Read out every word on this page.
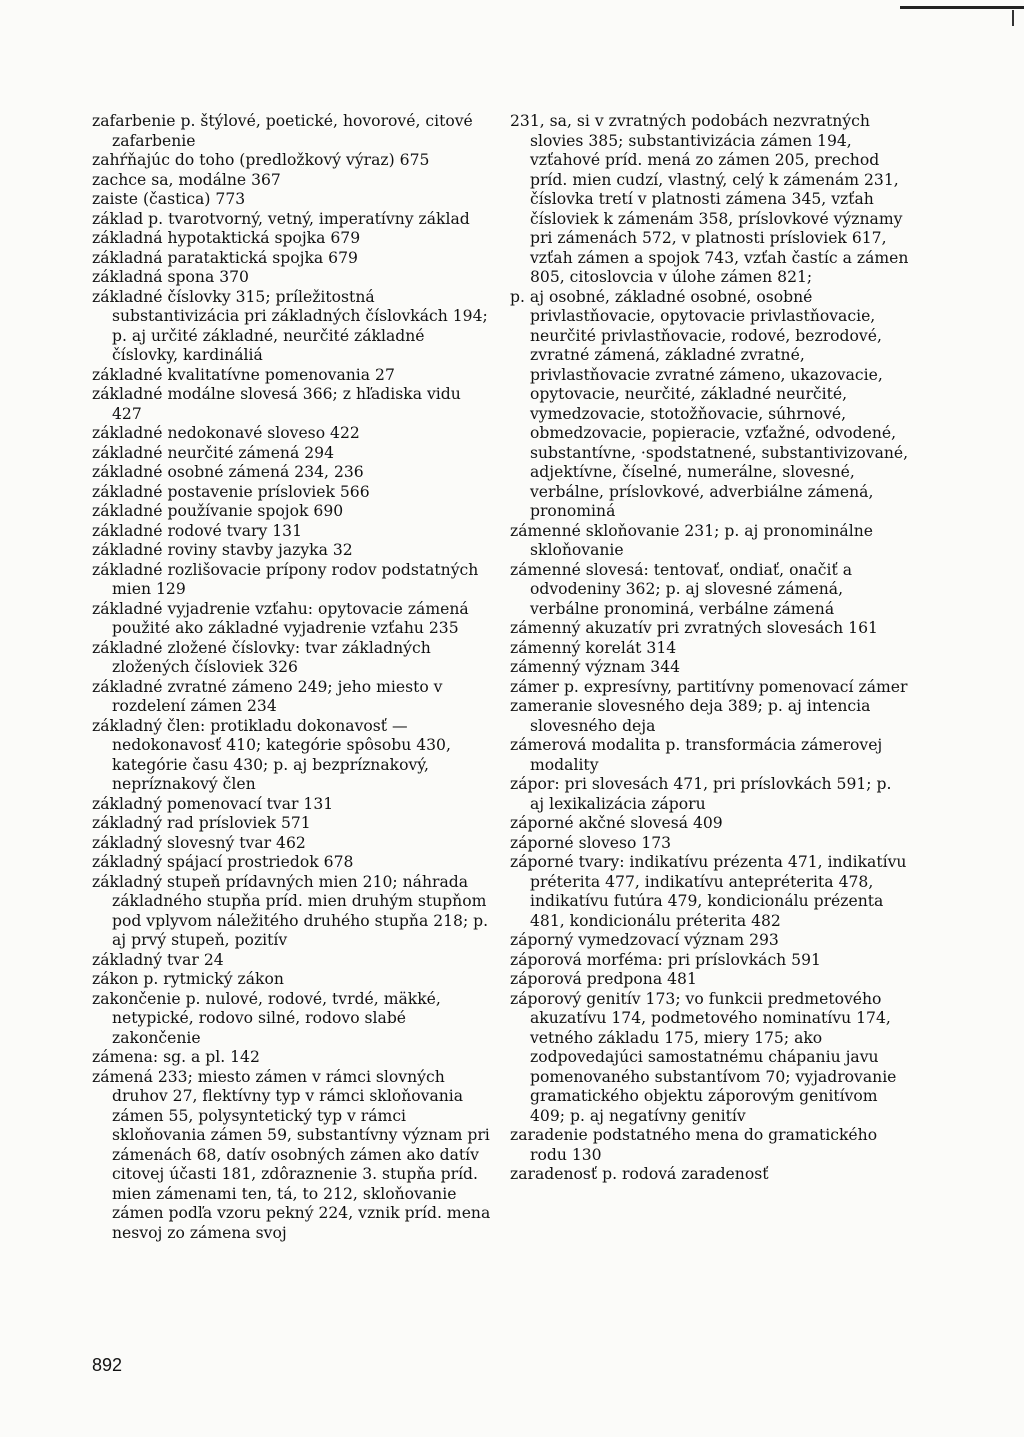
zafarbenie p. štýlové, poetické, hovorové, citové zafarbenie

zahŕňajúc do toho (predložkový výraz) 675

zachce sa, modálne 367

zaiste (častica) 773

základ p. tvarotvorný, vetný, imperatívny základ

základná hypotaktická spojka 679

základná parataktická spojka 679

základná spona 370

základné číslovky 315; príležitostná substantivizácia pri základných číslovkách 194; p. aj určité základné, neurčité základné číslovky, kardináliá

základné kvalitatívne pomenovania 27

základné modálne slovesá 366; z hľadiska vidu 427

základné nedokonavé sloveso 422

základné neurčité zámená 294

základné osobné zámená 234, 236

základné postavenie prísloviek 566

základné používanie spojok 690

základné rodové tvary 131

základné roviny stavby jazyka 32

základné rozlišovacie prípony rodov podstatných mien 129

základné vyjadrenie vzťahu: opytovacie zámená použité ako základné vyjadrenie vzťahu 235

základné zložené číslovky: tvar základných zložených čísloviek 326

základné zvratné zámeno 249; jeho miesto v rozdelení zámen 234

základný člen: protikladu dokonavosť — nedokonavosť 410; kategórie spôsobu 430, kategórie času 430; p. aj bezpríznakový, nepríznakový člen

základný pomenovací tvar 131

základný rad prísloviek 571

základný slovesný tvar 462

základný spájací prostriedok 678

základný stupeň prídavných mien 210; náhrada základného stupňa príd. mien druhým stupňom pod vplyvom náležitého druhého stupňa 218; p. aj prvý stupeň, pozitív

základný tvar 24

zákon p. rytmický zákon

zakončenie p. nulové, rodové, tvrdé, mäkké, netypické, rodovo silné, rodovo slabé zakončenie

zámena: sg. a pl. 142

zámená 233; miesto zámen v rámci slovných druhov 27, flektívny typ v rámci skloňovania zámen 55, polysyntetický typ v rámci skloňovania zámen 59, substantívny význam pri zámenách 68, datív osobných zámen ako datív citovej účasti 181, zdôraznenie 3. stupňa príd. mien zámenami ten, tá, to 212, skloňovanie zámen podľa vzoru pekný 224, vznik príd. mena nesvoj zo zámena svoj

231, sa, si v zvratných podobách nezvratných slovies 385; substantivizácia zámen 194, vzťahové príd. mená zo zámen 205, prechod príd. mien cudzí, vlastný, celý k zámenám 231, číslovka tretí v platnosti zámena 345, vzťah čísloviek k zámenám 358, príslovkové významy pri zámenách 572, v platnosti prísloviek 617, vzťah zámen a spojok 743, vzťah častíc a zámen 805, citoslovcia v úlohe zámen 821;

p. aj osobné, základné osobné, osobné privlastňovacie, opytovacie privlastňovacie, neurčité privlastňovacie, rodové, bezrodové, zvratné zámená, základné zvratné, privlastňovacie zvratné zámeno, ukazovacie, opytovacie, neurčité, základné neurčité, vymedzovacie, stotožňovacie, súhrnové, obmedzovacie, popieracie, vzťažné, odvodené, substantívne, ·spodstatnené, substantivizované, adjektívne, číselné, numerálne, slovesné, verbálne, príslovkové, adverbiálne zámená, pronominá

zámenné skloňovanie 231; p. aj pronominálne skloňovanie

zámenné slovesá: tentovať, ondiať, onačiť a odvodeniny 362; p. aj slovesné zámená, verbálne pronominá, verbálne zámená

zámenný akuzatív pri zvratných slovesách 161

zámenný korelát 314

zámenný význam 344

zámer p. expresívny, partitívny pomenovací zámer

zameranie slovesného deja 389; p. aj intencia slovesného deja

zámerová modalita p. transformácia zámerovej modality

zápor: pri slovesách 471, pri príslovkách 591; p. aj lexikalizácia záporu

záporné akčné slovesá 409

záporné sloveso 173

záporné tvary: indikatívu prézenta 471, indikatívu préterita 477, indikatívu antepréterita 478, indikatívu futúra 479, kondicionálu prézenta 481, kondicionálu préterita 482

záporný vymedzovací význam 293

záporová morféma: pri príslovkách 591

záporová predpona 481

záporový genitív 173; vo funkcii predmetového akuzatívu 174, podmetového nominatívu 174, vetného základu 175, miery 175; ako zodpovedajúci samostatnému chápaniu javu pomenovaného substantívom 70; vyjadrovanie gramatického objektu záporovým genitívom 409; p. aj negatívny genitív

zaradenie podstatného mena do gramatického rodu 130

zaradenosť p. rodová zaradenosť

892
